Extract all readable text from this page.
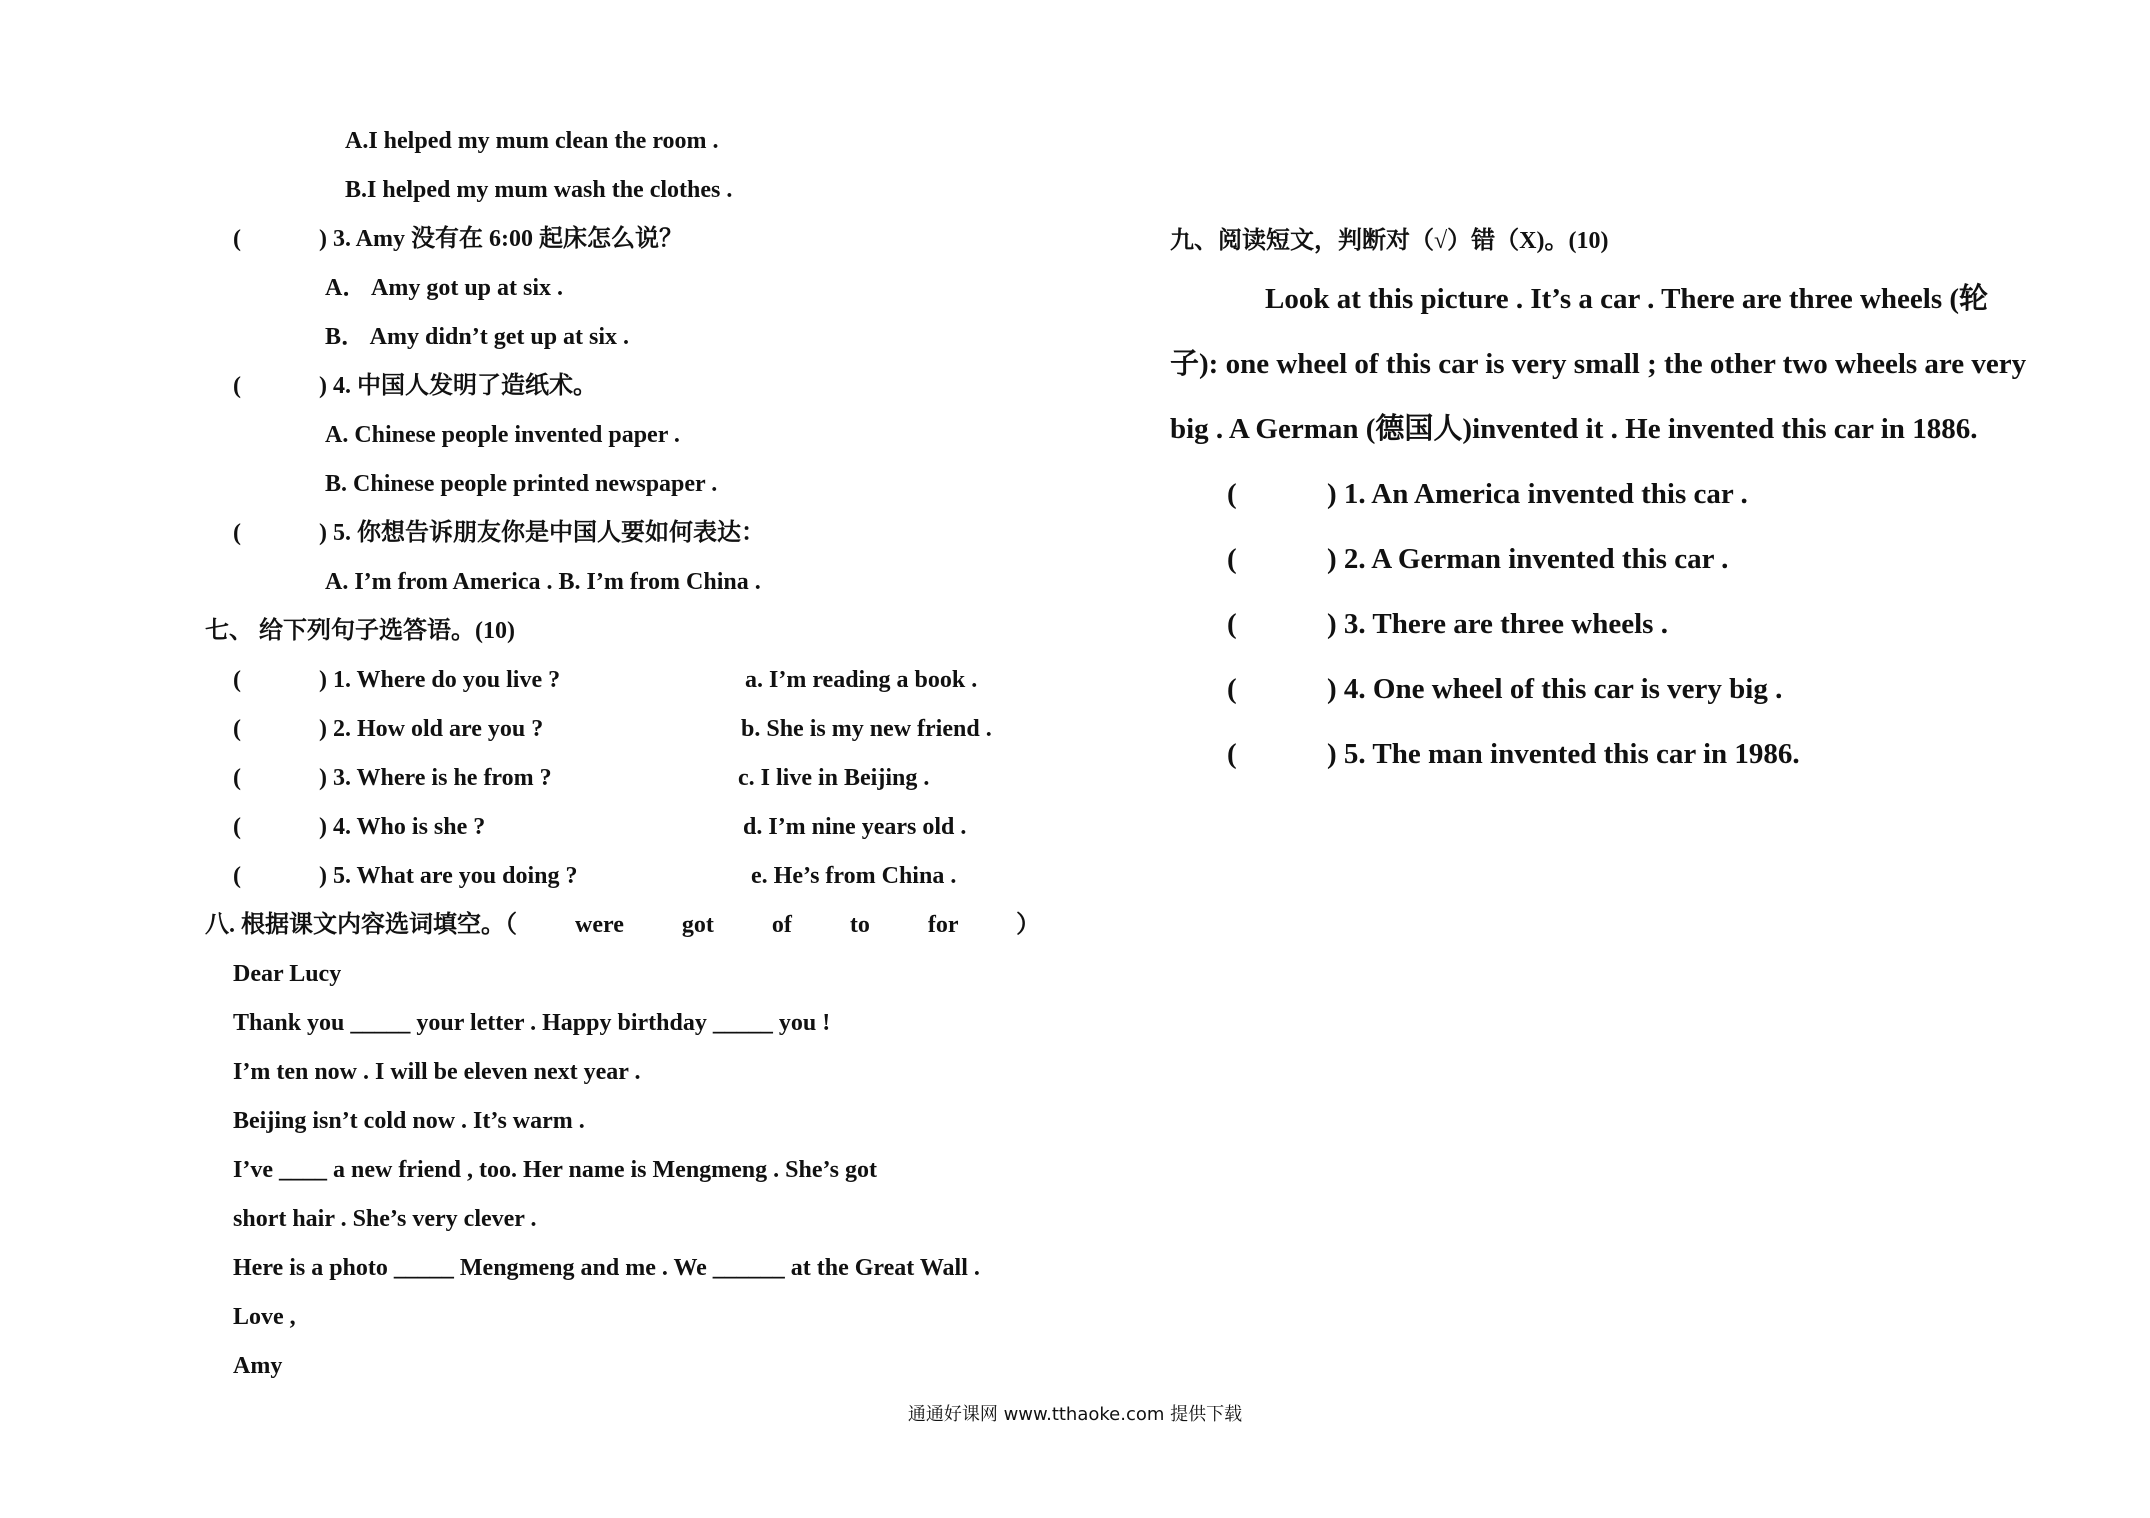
A.I helped my mum clean the room .
B.I helped my mum wash the clothes .
(	) 3. Amy 没有在 6:00 起床怎么说？
A． Amy got up at six .
B． Amy didn’t get up at six .
(	) 4. 中国人发明了造纸术。
A. Chinese people invented paper .
B. Chinese people printed newspaper .
(	) 5. 你想告诉朋友你是中国人要如何表达：
A. I’m from America . B. I’m from China .
七、 给下列句子选答语。(10)
(	) 1. Where do you live ?	a. I’m reading a book .
(	) 2. How old are you ?	b. She is my new friend .
(	) 3. Where is he from ?	c. I live in Beijing .
(	) 4. Who is she ?	d. I’m nine years old .
(	) 5. What are you doing ?	e. He’s from China .
八. 根据课文内容选词填空。（ were got of to for ）
Dear Lucy
Thank you _____ your letter . Happy birthday _____ you !
I’m ten now . I will be eleven next year .
Beijing isn’t cold now . It’s warm .
I’ve ____ a new friend , too. Her name is Mengmeng . She’s got
short hair . She’s very clever .
Here is a photo _____ Mengmeng and me . We ______ at the Great Wall .
Love ,
Amy
九、阅读短文，判断对（√）错（X)。(10)
Look at this picture . It’s a car . There are three wheels (轮
子): one wheel of this car is very small ; the other two wheels are very
big . A German (德国人)invented it . He invented this car in 1886.
(	) 1. An America invented this car .
(	) 2. A German invented this car .
(	) 3. There are three wheels .
(	) 4. One wheel of this car is very big .
(	) 5. The man invented this car in 1986.
通通好课网 www.tthaoke.com 提供下载
